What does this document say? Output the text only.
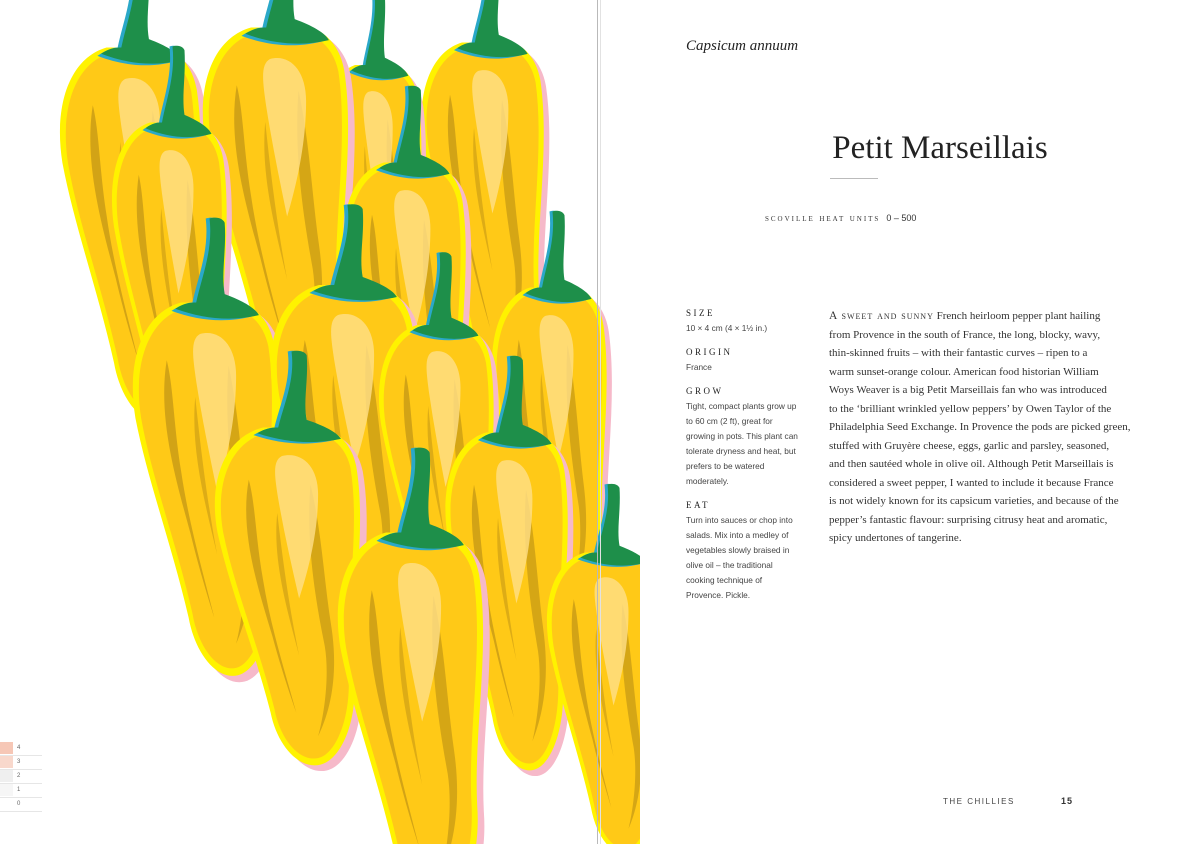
4
3
2
1
0
Capsicum annuum
Petit Marseillais
scoville heat units 0 – 500
SIZE
10 × 4 cm (4 × 1½ in.)
ORIGIN
France
GROW
Tight, compact plants grow up to 60 cm (2 ft), great for growing in pots. This plant can tolerate dryness and heat, but prefers to be watered moderately.
EAT
Turn into sauces or chop into salads. Mix into a medley of vegetables slowly braised in olive oil – the traditional cooking technique of Provence. Pickle.
A sweet and sunny French heirloom pepper plant hailing
from Provence in the south of France, the long, blocky, wavy,
thin-skinned fruits – with their fantastic curves – ripen to a
warm sunset-orange colour. American food historian William
Woys Weaver is a big Petit Marseillais fan who was introduced
to the ‘brilliant wrinkled yellow peppers’ by Owen Taylor of the
Philadelphia Seed Exchange. In Provence the pods are picked green,
stuffed with Gruyère cheese, eggs, garlic and parsley, seasoned,
and then sautéed whole in olive oil. Although Petit Marseillais is
considered a sweet pepper, I wanted to include it because France
is not widely known for its capsicum varieties, and because of the
pepper’s fantastic flavour: surprising citrusy heat and aromatic,
spicy undertones of tangerine.
THE CHILLIES	15
